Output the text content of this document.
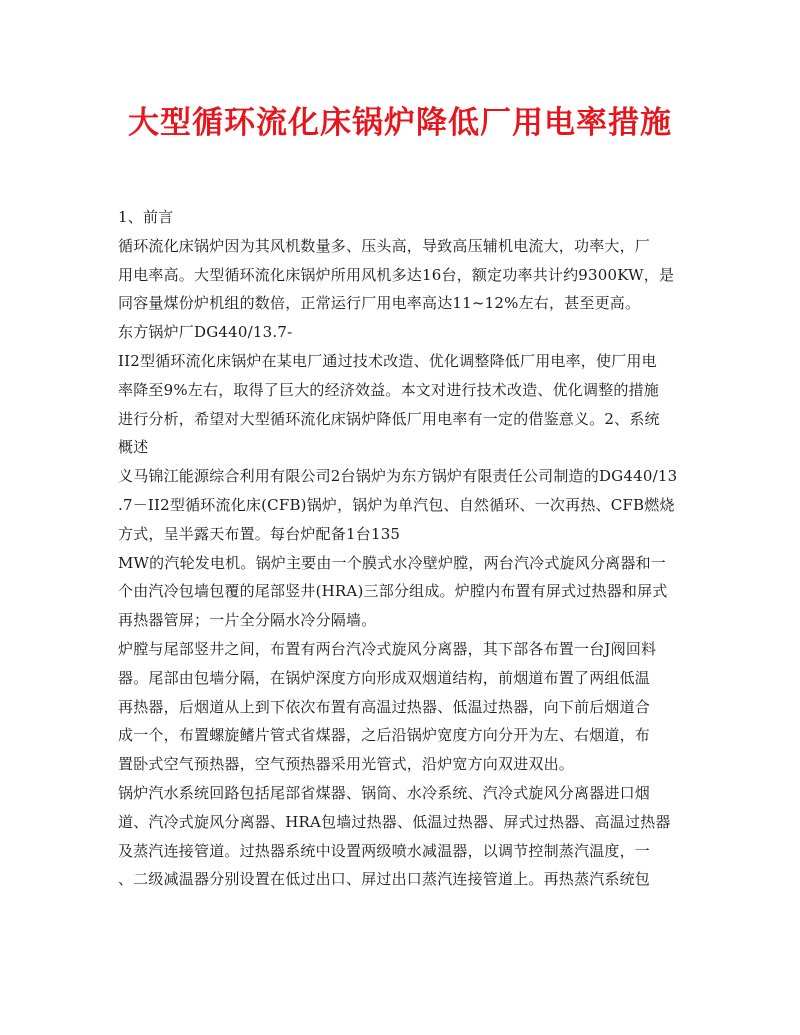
大型循环流化床锅炉降低厂用电率措施
1、前言
循环流化床锅炉因为其风机数量多、压头高，导致高压辅机电流大，功率大，厂
用电率高。大型循环流化床锅炉所用风机多达16台，额定功率共计约9300KW，是
同容量煤份炉机组的数倍，正常运行厂用电率高达11~12%左右，甚至更高。
东方锅炉厂DG440/13.7-
II2型循环流化床锅炉在某电厂通过技术改造、优化调整降低厂用电率，使厂用电
率降至9%左右，取得了巨大的经济效益。本文对进行技术改造、优化调整的措施
进行分析，希望对大型循环流化床锅炉降低厂用电率有一定的借鉴意义。2、系统
概述
义马锦江能源综合利用有限公司2台锅炉为东方锅炉有限责任公司制造的DG440/13
.7－II2型循环流化床(CFB)锅炉，锅炉为单汽包、自然循环、一次再热、CFB燃烧
方式，呈半露天布置。每台炉配备1台135
MW的汽轮发电机。锅炉主要由一个膜式水冷壁炉膛，两台汽冷式旋风分离器和一
个由汽冷包墙包覆的尾部竖井(HRA)三部分组成。炉膛内布置有屏式过热器和屏式
再热器管屏；一片全分隔水冷分隔墙。
炉膛与尾部竖井之间，布置有两台汽冷式旋风分离器，其下部各布置一台J阀回料
器。尾部由包墙分隔，在锅炉深度方向形成双烟道结构，前烟道布置了两组低温
再热器，后烟道从上到下依次布置有高温过热器、低温过热器，向下前后烟道合
成一个，布置螺旋鳍片管式省煤器，之后沿锅炉宽度方向分开为左、右烟道，布
置卧式空气预热器，空气预热器采用光管式，沿炉宽方向双进双出。
锅炉汽水系统回路包括尾部省煤器、锅筒、水冷系统、汽冷式旋风分离器进口烟
道、汽冷式旋风分离器、HRA包墙过热器、低温过热器、屏式过热器、高温过热器
及蒸汽连接管道。过热器系统中设置两级喷水减温器，以调节控制蒸汽温度，一
、二级减温器分别设置在低过出口、屏过出口蒸汽连接管道上。再热蒸汽系统包
